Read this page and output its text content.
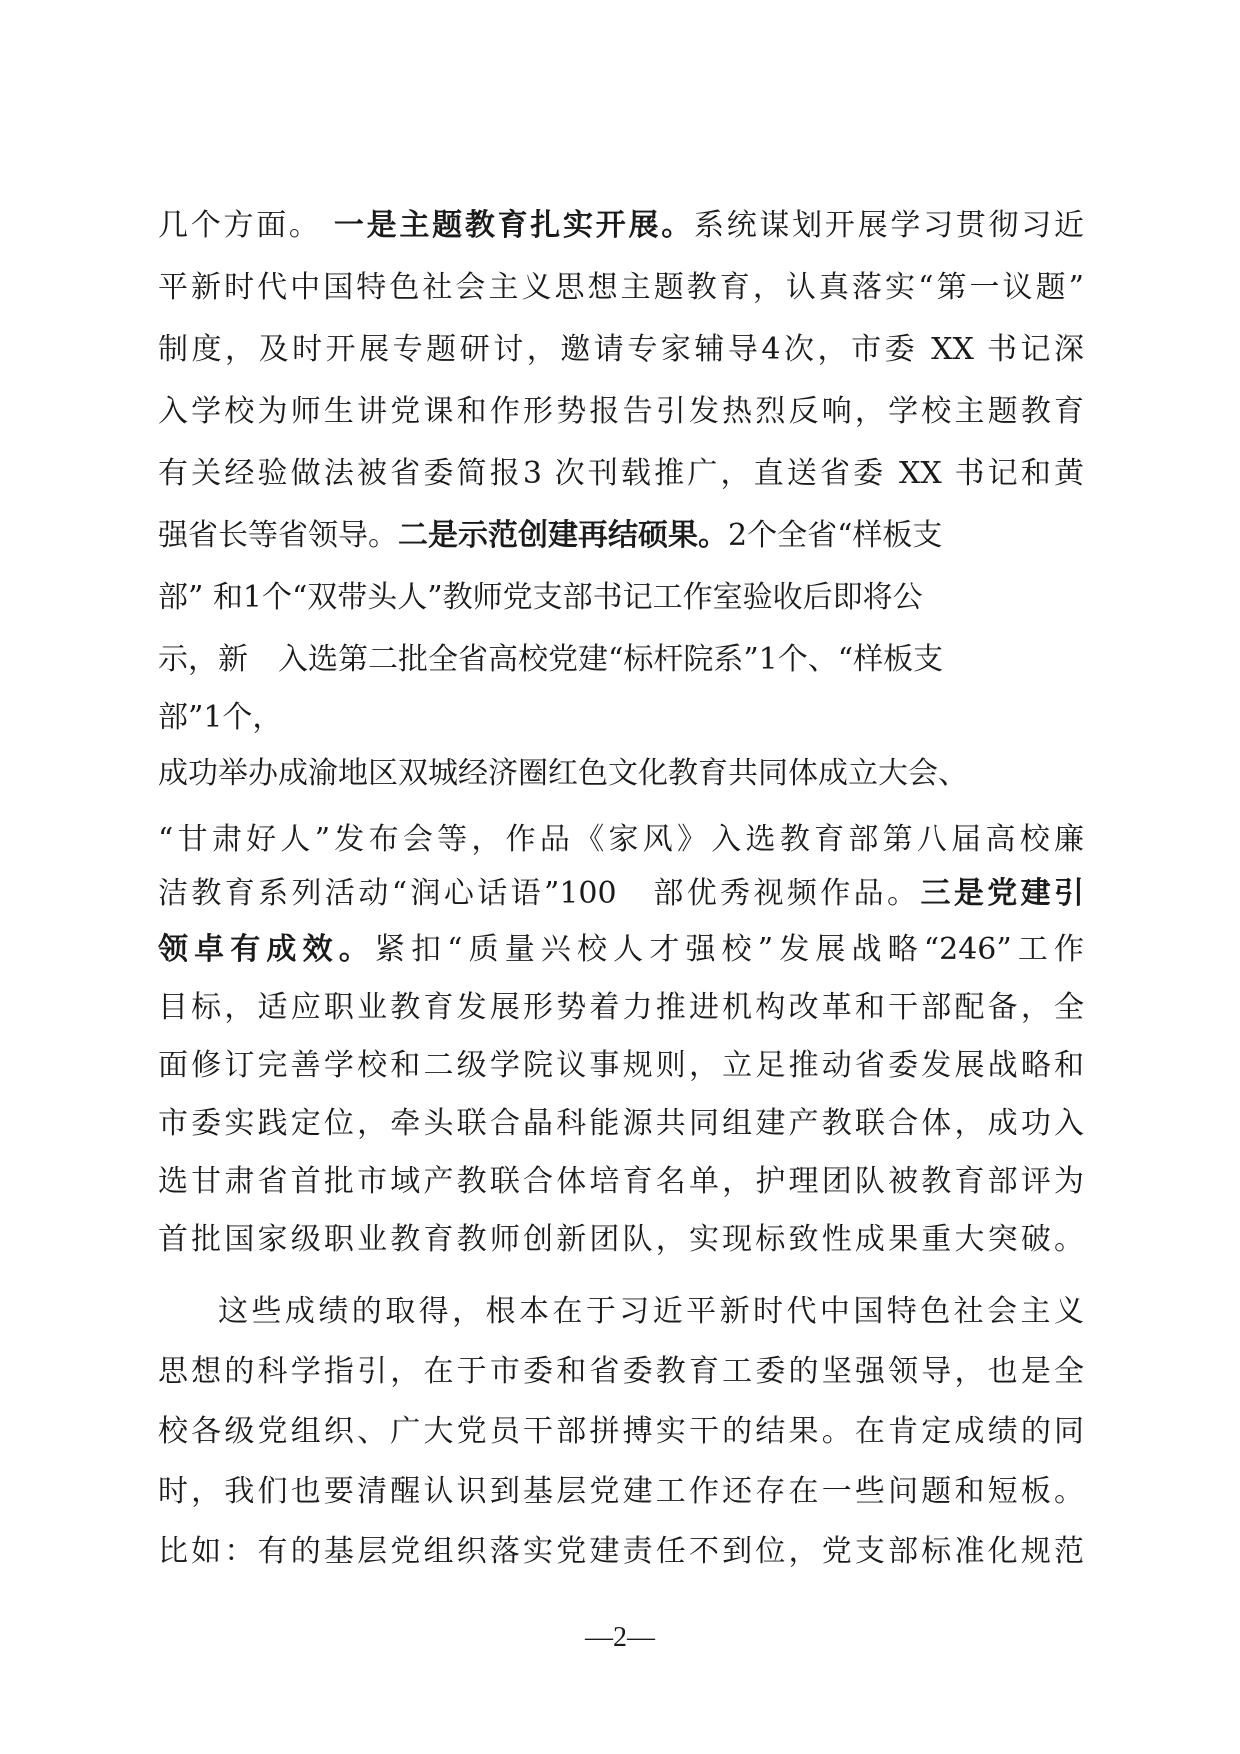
几个方面。 一是主题教育扎实开展。系统谋划开展学习贯彻习近
平新时代中国特色社会主义思想主题教育，认真落实“第一议题”
制度，及时开展专题研讨，邀请专家辅导4次，市委 XX 书记深
入学校为师生讲党课和作形势报告引发热烈反响，学校主题教育
有关经验做法被省委简报3 次刊载推广，直送省委 XX 书记和黄
强省长等省领导。二是示范创建再结硕果。2个全省“样板支
部” 和1个“双带头人”教师党支部书记工作室验收后即将公
示，新　入选第二批全省高校党建“标杆院系”1个、“样板支
部”1个，
成功举办成渝地区双城经济圈红色文化教育共同体成立大会、
“甘肃好人”发布会等，作品《家风》入选教育部第八届高校廉
洁教育系列活动“润心话语”100　部优秀视频作品。三是党建引
领卓有成效。紧扣“质量兴校人才强校”发展战略“246”工作
目标，适应职业教育发展形势着力推进机构改革和干部配备，全
面修订完善学校和二级学院议事规则，立足推动省委发展战略和
市委实践定位，牵头联合晶科能源共同组建产教联合体，成功入
选甘肃省首批市域产教联合体培育名单，护理团队被教育部评为
首批国家级职业教育教师创新团队，实现标致性成果重大突破。
这些成绩的取得，根本在于习近平新时代中国特色社会主义
思想的科学指引，在于市委和省委教育工委的坚强领导，也是全
校各级党组织、广大党员干部拼搏实干的结果。在肯定成绩的同
时，我们也要清醒认识到基层党建工作还存在一些问题和短板。
比如：有的基层党组织落实党建责任不到位，党支部标准化规范
—2—
